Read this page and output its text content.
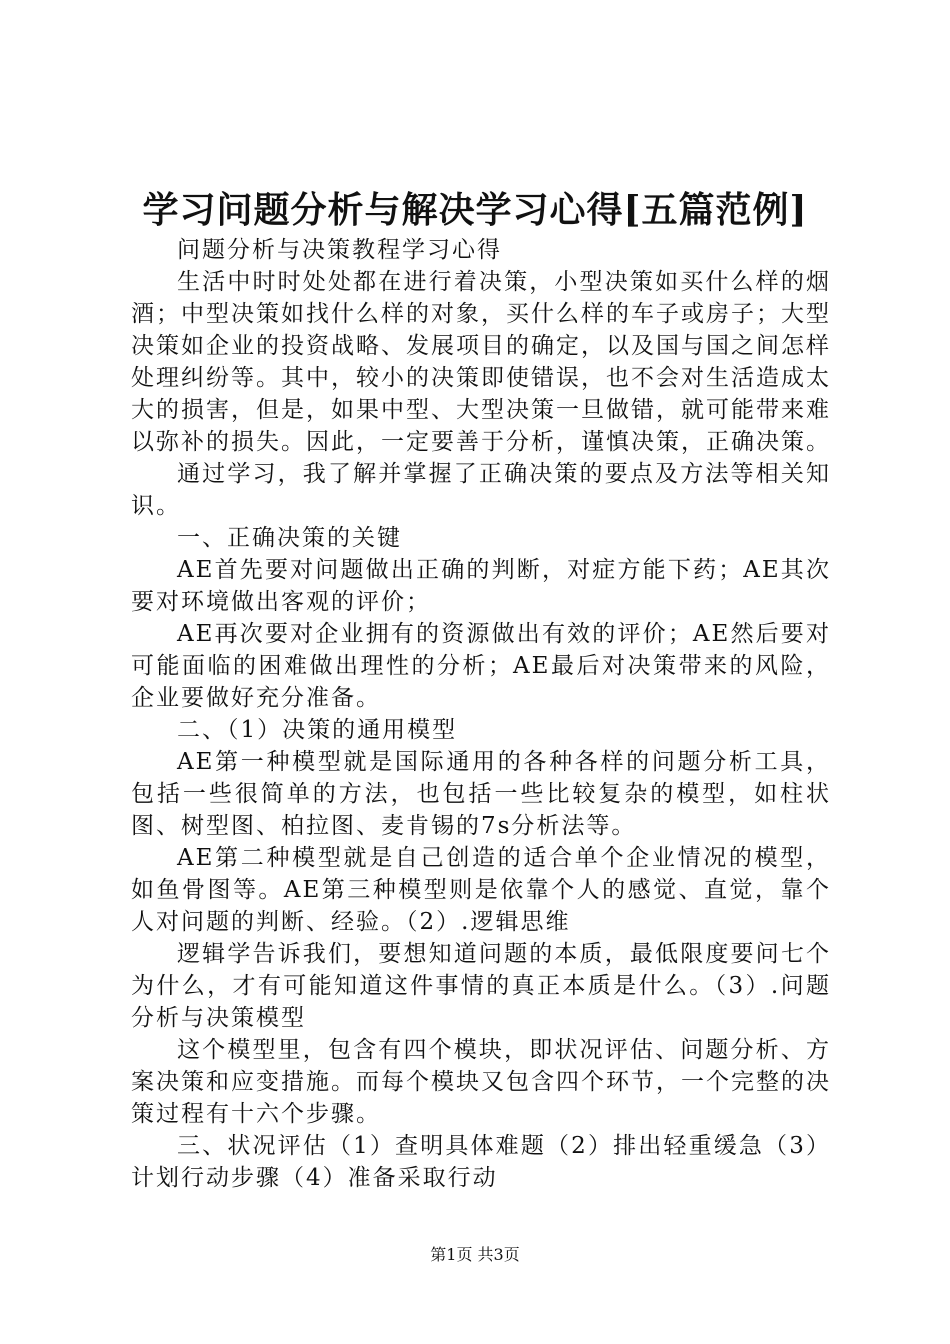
学习问题分析与解决学习心得[五篇范例]

问题分析与决策教程学习心得

生活中时时处处都在进行着决策，小型决策如买什么样的烟酒；中型决策如找什么样的对象，买什么样的车子或房子；大型决策如企业的投资战略、发展项目的确定，以及国与国之间怎样处理纠纷等。其中，较小的决策即使错误，也不会对生活造成太大的损害，但是，如果中型、大型决策一旦做错，就可能带来难以弥补的损失。因此，一定要善于分析，谨慎决策，正确决策。

通过学习，我了解并掌握了正确决策的要点及方法等相关知识。

一、正确决策的关键

AE首先要对问题做出正确的判断，对症方能下药；AE其次要对环境做出客观的评价；

AE再次要对企业拥有的资源做出有效的评价；AE然后要对可能面临的困难做出理性的分析；AE最后对决策带来的风险，企业要做好充分准备。

二、（1）决策的通用模型

AE第一种模型就是国际通用的各种各样的问题分析工具，包括一些很简单的方法，也包括一些比较复杂的模型，如柱状图、树型图、柏拉图、麦肯锡的7s分析法等。

AE第二种模型就是自己创造的适合单个企业情况的模型，如鱼骨图等。AE第三种模型则是依靠个人的感觉、直觉，靠个人对问题的判断、经验。（2）.逻辑思维

逻辑学告诉我们，要想知道问题的本质，最低限度要问七个为什么，才有可能知道这件事情的真正本质是什么。（3）.问题分析与决策模型

这个模型里，包含有四个模块，即状况评估、问题分析、方案决策和应变措施。而每个模块又包含四个环节，一个完整的决策过程有十六个步骤。

三、状况评估（1）查明具体难题（2）排出轻重缓急（3）计划行动步骤（4）准备采取行动

第1页 共3页
